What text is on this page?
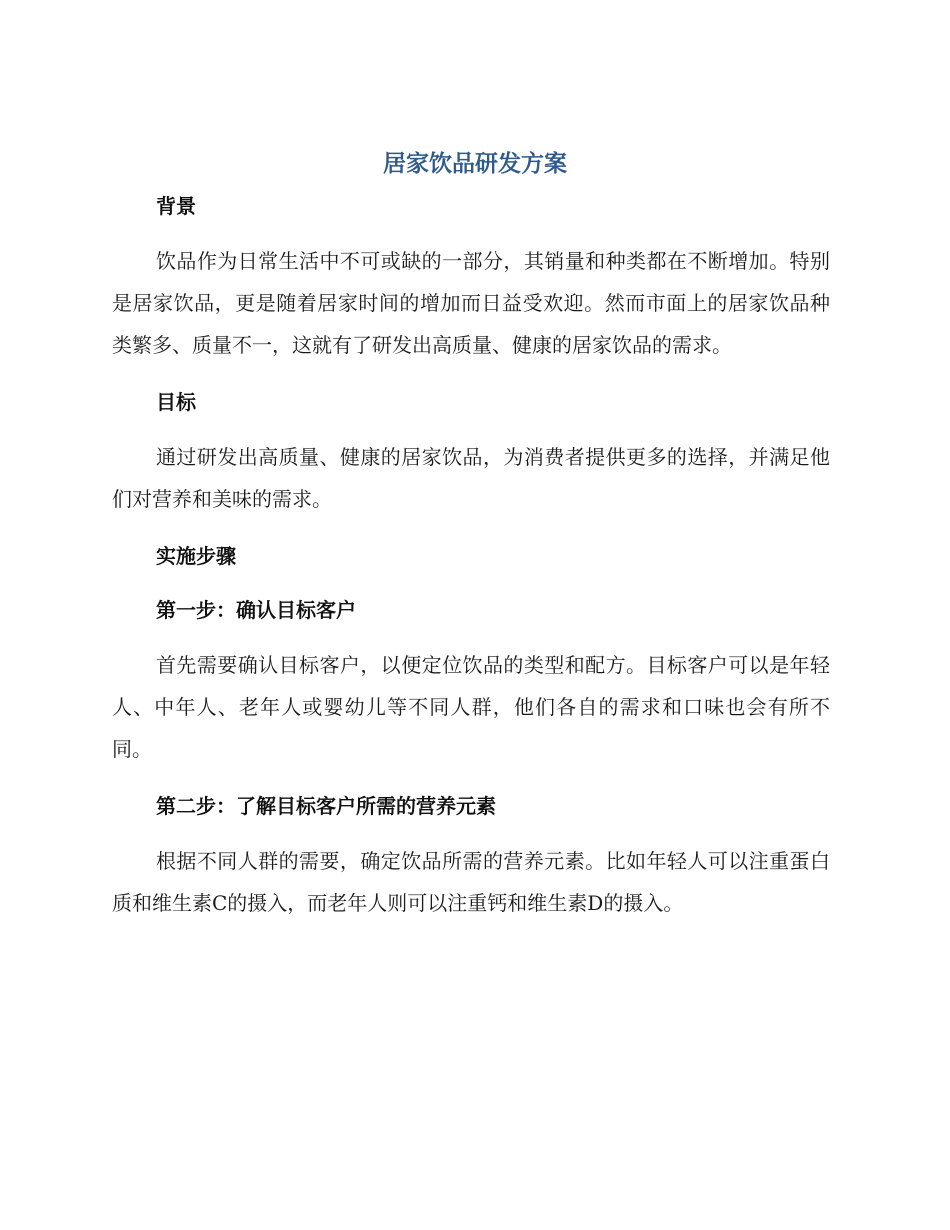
居家饮品研发方案
背景

饮品作为日常生活中不可或缺的一部分，其销量和种类都在不断增加。特别是居家饮品，更是随着居家时间的增加而日益受欢迎。然而市面上的居家饮品种类繁多、质量不一，这就有了研发出高质量、健康的居家饮品的需求。

目标

通过研发出高质量、健康的居家饮品，为消费者提供更多的选择，并满足他们对营养和美味的需求。

实施步骤
第一步：确认目标客户

首先需要确认目标客户，以便定位饮品的类型和配方。目标客户可以是年轻人、中年人、老年人或婴幼儿等不同人群，他们各自的需求和口味也会有所不同。

第二步：了解目标客户所需的营养元素

根据不同人群的需要，确定饮品所需的营养元素。比如年轻人可以注重蛋白质和维生素C的摄入，而老年人则可以注重钙和维生素D的摄入。
